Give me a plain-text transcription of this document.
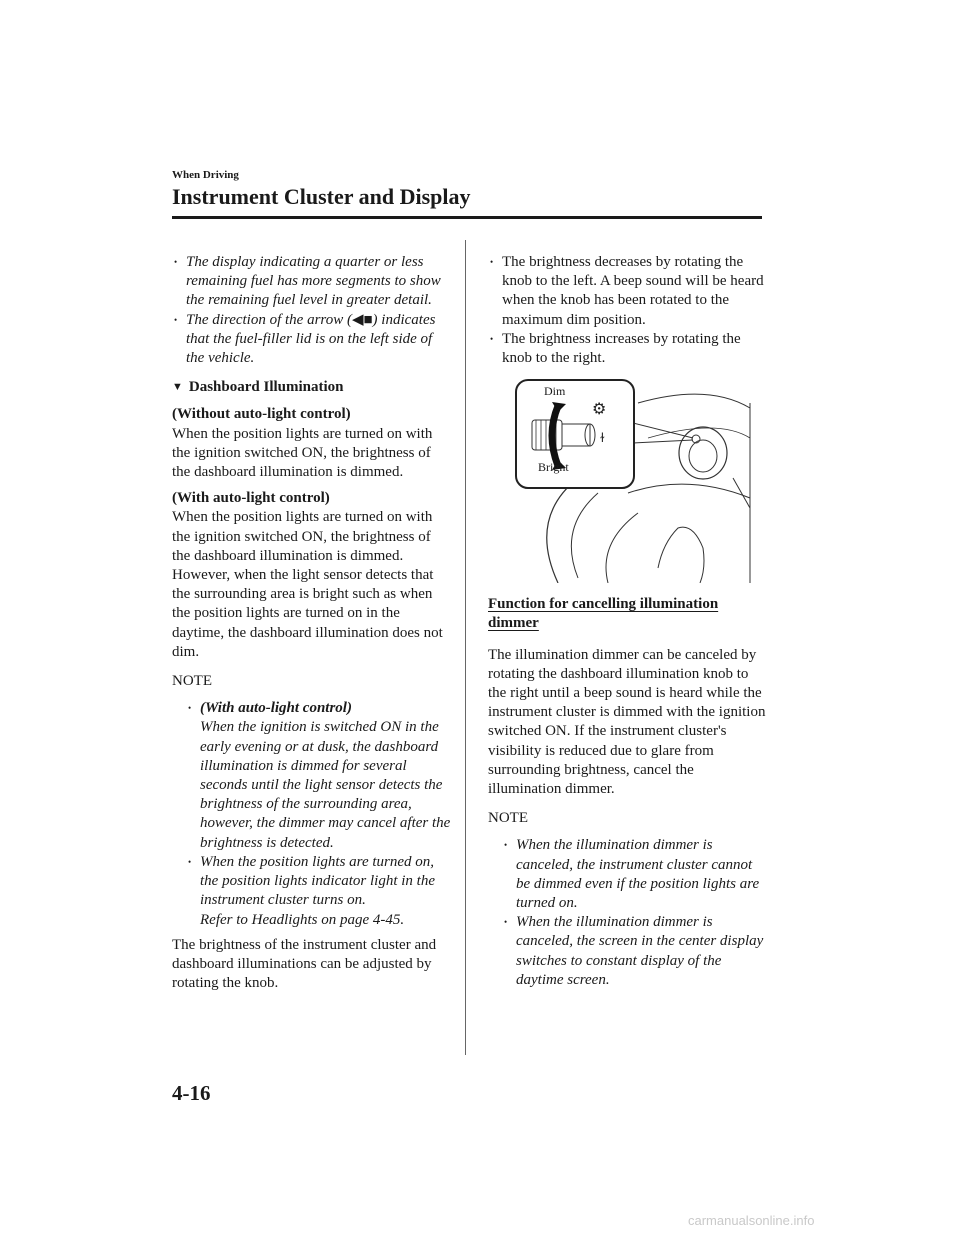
When Driving
Instrument Cluster and Display
• The display indicating a quarter or less remaining fuel has more segments to show the remaining fuel level in greater detail.
• The direction of the arrow (◀■) indicates that the fuel-filler lid is on the left side of the vehicle.
▼ Dashboard Illumination

(Without auto-light control)

When the position lights are turned on with the ignition switched ON, the brightness of the dashboard illumination is dimmed.

(With auto-light control)

When the position lights are turned on with the ignition switched ON, the brightness of the dashboard illumination is dimmed. However, when the light sensor detects that the surrounding area is bright such as when the position lights are turned on in the daytime, the dashboard illumination does not dim.

NOTE
• (With auto-light control)
When the ignition is switched ON in the early evening or at dusk, the dashboard illumination is dimmed for several seconds until the light sensor detects the brightness of the surrounding area, however, the dimmer may cancel after the brightness is detected.
• When the position lights are turned on, the position lights indicator light in the instrument cluster turns on.
Refer to Headlights on page 4-45.

The brightness of the instrument cluster and dashboard illuminations can be adjusted by rotating the knob.

• The brightness decreases by rotating the knob to the left. A beep sound will be heard when the knob has been rotated to the maximum dim position.
• The brightness increases by rotating the knob to the right.
⚙
ɫ
Dim
Bright

Function for cancelling illumination dimmer

The illumination dimmer can be canceled by rotating the dashboard illumination knob to the right until a beep sound is heard while the instrument cluster is dimmed with the ignition switched ON. If the instrument cluster's visibility is reduced due to glare from surrounding brightness, cancel the illumination dimmer.

NOTE
• When the illumination dimmer is canceled, the instrument cluster cannot be dimmed even if the position lights are turned on.
• When the illumination dimmer is canceled, the screen in the center display switches to constant display of the daytime screen.
4-16
carmanualsonline.info
